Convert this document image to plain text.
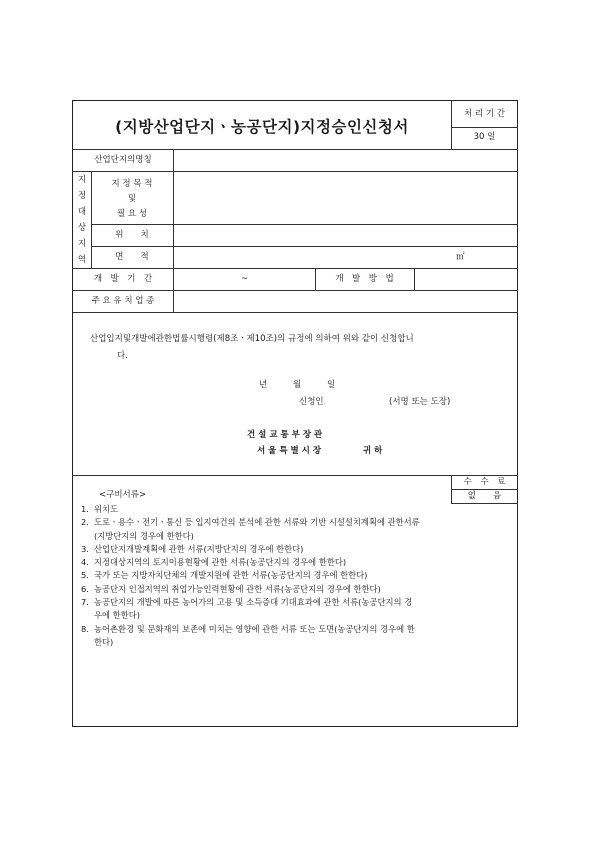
(지방산업단지ㆍ농공단지)지정승인신청서
처 리 기 간
30 일
산업단지의명칭
지
정
대
상
지
역
지 정 목 적
및
필 요 성
위　　치
면　　적	㎡
개　발　기　간	~	개　발　방　법
주 요 유 치 업 종
산업입지및개발에관한법률시행령(제8조ㆍ제10조)의 규정에 의하여 위와 같이 신청합니
다.
년	월	일
신청인	(서명 또는 도장)
건 설 교 통 부 장 관
서 울 특 별 시 장	귀 하
수　수　료
없　　음
<구비서류>
1. 위치도
2. 도로ㆍ용수ㆍ전기ㆍ통신 등 입지여건의 분석에 관한 서류와 기반 시설설치계획에 관한서류
(지방단지의 경우에 한한다)
3. 산업단지개발계획에 관한 서류(지방단지의 경우에 한한다)
4. 지정대상지역의 토지이용현황에 관한 서류(농공단지의 경우에 한한다)
5. 국가 또는 지방자치단체의 개발지원에 관한 서류(농공단지의 경우에 한한다)
6. 농공단지 인접지역의 취업가능인력현황에 관한 서류(농공단지의 경우에 한한다)
7. 농공단지의 개발에 따른 농어가의 고용 및 소득증대 기대효과에 관한 서류(농공단지의 경
우에 한한다)
8. 농어촌환경 및 문화재의 보존에 미치는 영향에 관한 서류 또는 도면(농공단지의 경우에 한
한다)
